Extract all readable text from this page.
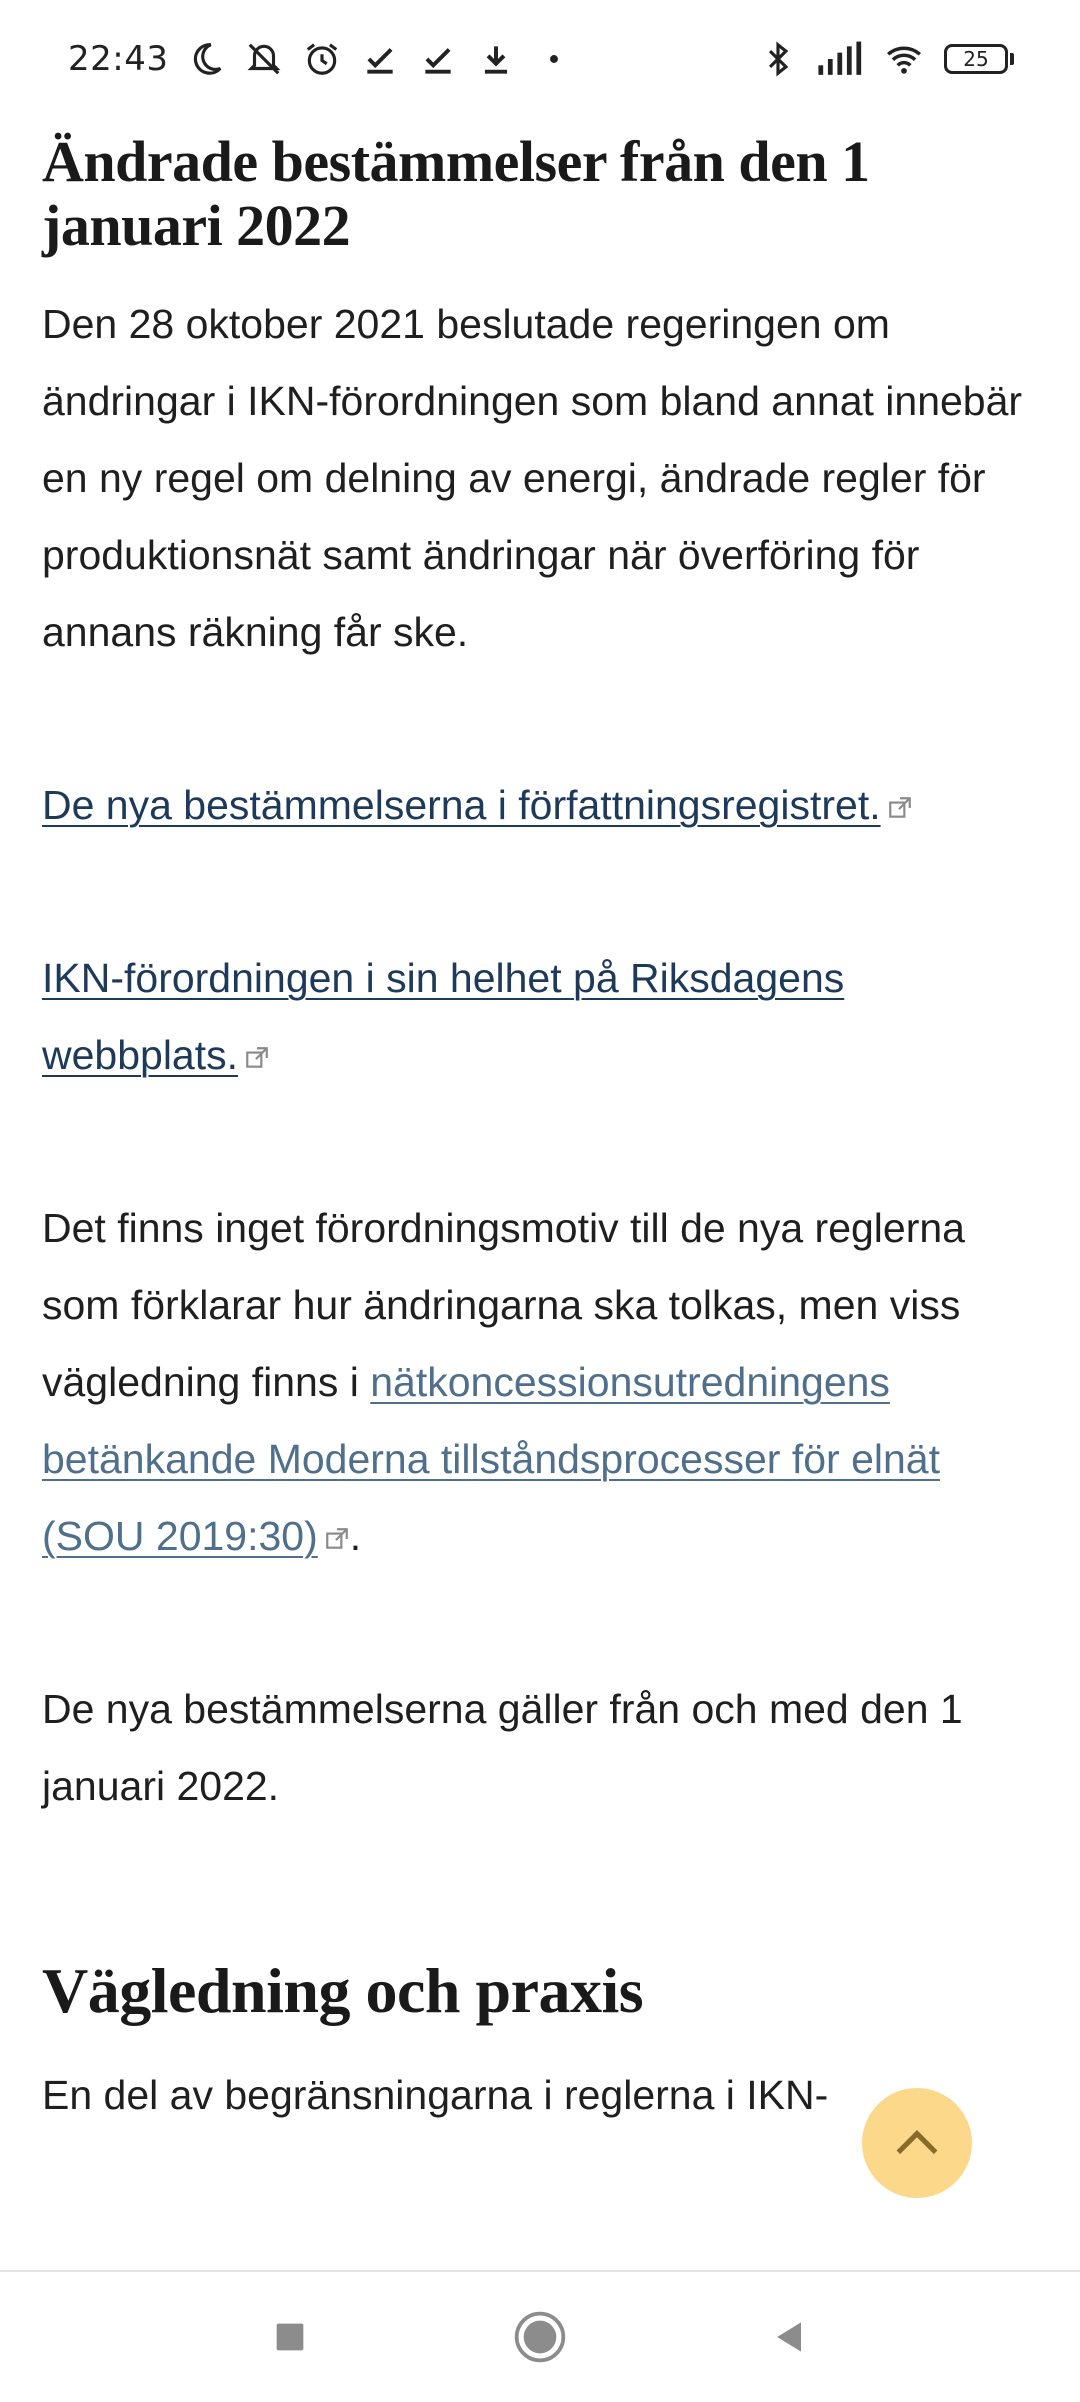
22:43	25
Ändrade bestämmelser från den 1 januari 2022

Den 28 oktober 2021 beslutade regeringen om ändringar i IKN-förordningen som bland annat innebär en ny regel om delning av energi, ändrade regler för produktionsnät samt ändringar när överföring för annans räkning får ske.

De nya bestämmelserna i författningsregistret.

IKN-förordningen i sin helhet på Riksdagens webbplats.

Det finns inget förordningsmotiv till de nya reglerna som förklarar hur ändringarna ska tolkas, men viss vägledning finns i nätkoncessionsutredningens betänkande Moderna tillståndsprocesser för elnät (SOU 2019:30) .

De nya bestämmelserna gäller från och med den 1 januari 2022.

Vägledning och praxis

En del av begränsningarna i reglerna i IKN-
